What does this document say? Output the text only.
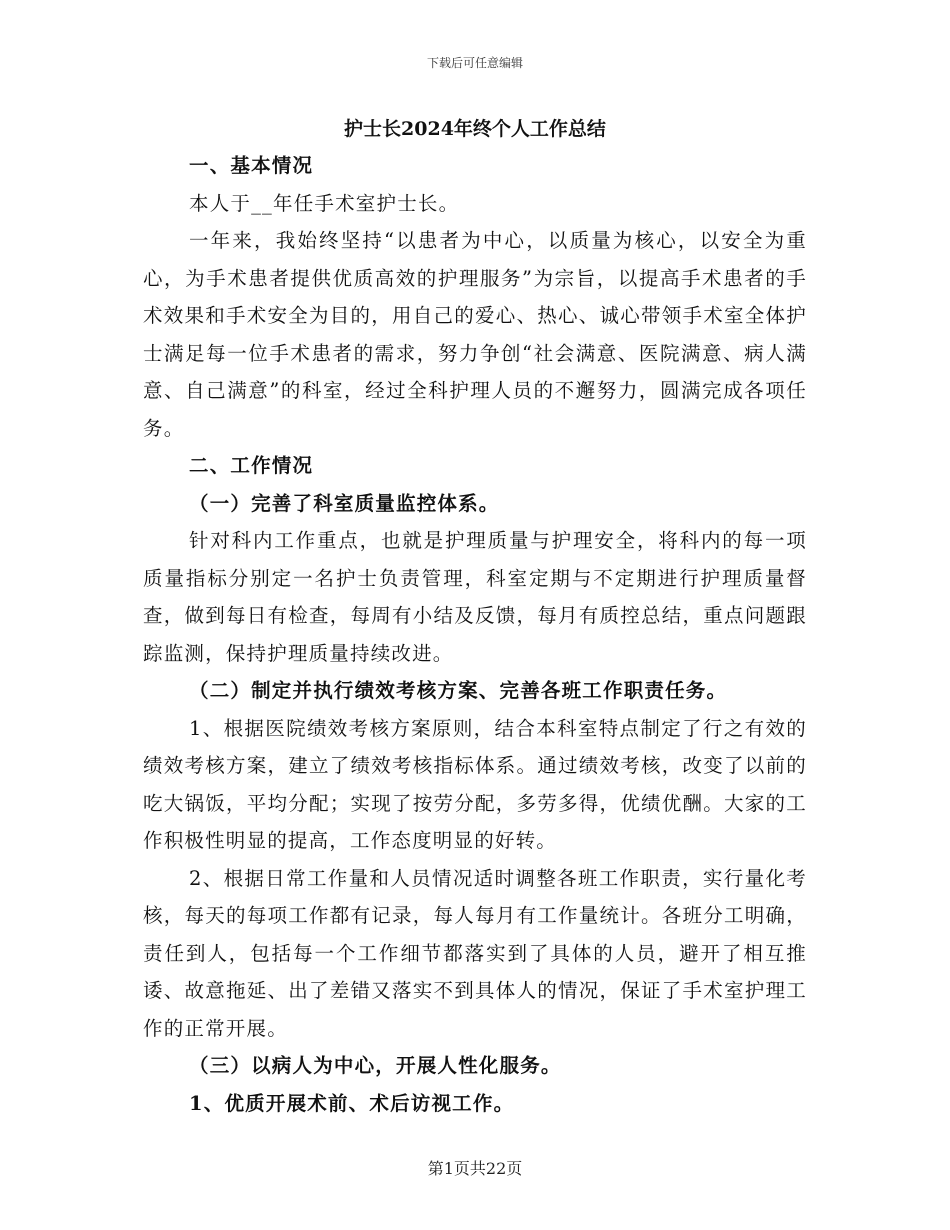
下载后可任意编辑
护士长2024年终个人工作总结

一、基本情况

本人于__年任手术室护士长。

一年来，我始终坚持“以患者为中心，以质量为核心，以安全为重心，为手术患者提供优质高效的护理服务”为宗旨，以提高手术患者的手术效果和手术安全为目的，用自己的爱心、热心、诚心带领手术室全体护士满足每一位手术患者的需求，努力争创“社会满意、医院满意、病人满意、自己满意”的科室，经过全科护理人员的不邂努力，圆满完成各项任务。

二、工作情况

（一）完善了科室质量监控体系。

针对科内工作重点，也就是护理质量与护理安全，将科内的每一项质量指标分别定一名护士负责管理，科室定期与不定期进行护理质量督查，做到每日有检查，每周有小结及反馈，每月有质控总结，重点问题跟踪监测，保持护理质量持续改进。

（二）制定并执行绩效考核方案、完善各班工作职责任务。

1、根据医院绩效考核方案原则，结合本科室特点制定了行之有效的绩效考核方案，建立了绩效考核指标体系。通过绩效考核，改变了以前的吃大锅饭，平均分配；实现了按劳分配，多劳多得，优绩优酬。大家的工作积极性明显的提高，工作态度明显的好转。

2、根据日常工作量和人员情况适时调整各班工作职责，实行量化考核，每天的每项工作都有记录，每人每月有工作量统计。各班分工明确，责任到人，包括每一个工作细节都落实到了具体的人员，避开了相互推诿、故意拖延、出了差错又落实不到具体人的情况，保证了手术室护理工作的正常开展。

（三）以病人为中心，开展人性化服务。

1、优质开展术前、术后访视工作。

第1页共22页
